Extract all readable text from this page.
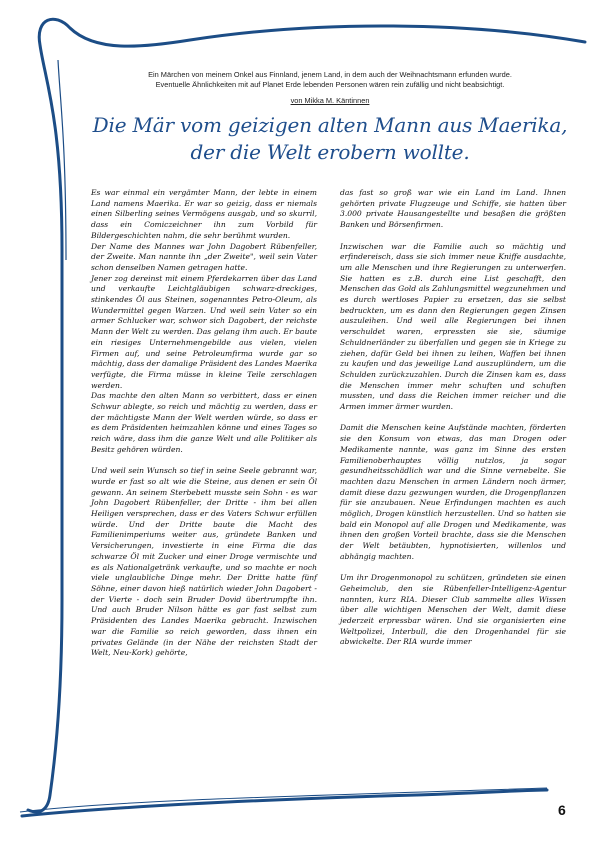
Ein Märchen von meinem Onkel aus Finnland, jenem Land, in dem auch der Weihnachtsmann erfunden wurde.
Eventuelle Ähnlichkeiten mit auf Planet Erde lebenden Personen wären rein zufällig und nicht beabsichtigt.
von Mikka M. Käntinnen
Die Mär vom geizigen alten Mann aus Maerika,
der die Welt erobern wollte.

Es war einmal ein vergämter Mann, der lebte in einem Land namens Maerika. Er war so geizig, dass er niemals einen Silberling seines Vermögens ausgab, und so skurril, dass ein Comiczeichner ihn zum Vorbild für Bildergeschichten nahm, die sehr berühmt wurden.

Der Name des Mannes war John Dagobert Rübenfeller, der Zweite. Man nannte ihn „der Zweite", weil sein Vater schon denselben Namen getragen hatte.

Jener zog dereinst mit einem Pferdekarren über das Land und verkaufte Leichtgläubigen schwarz-dreckiges, stinkendes Öl aus Steinen, sogenanntes Petro-Oleum, als Wundermittel gegen Warzen. Und weil sein Vater so ein armer Schlucker war, schwor sich Dagobert, der reichste Mann der Welt zu werden. Das gelang ihm auch. Er baute ein riesiges Unternehmengebilde aus vielen, vielen Firmen auf, und seine Petroleumfirma wurde gar so mächtig, dass der damalige Präsident des Landes Maerika verfügte, die Firma müsse in kleine Teile zerschlagen werden.

Das machte den alten Mann so verbittert, dass er einen Schwur ablegte, so reich und mächtig zu werden, dass er der mächtigste Mann der Welt werden würde, so dass er es dem Präsidenten heimzahlen könne und eines Tages so reich wäre, dass ihm die ganze Welt und alle Politiker als Besitz gehören würden.

Und weil sein Wunsch so tief in seine Seele gebrannt war, wurde er fast so alt wie die Steine, aus denen er sein Öl gewann. An seinem Sterbebett musste sein Sohn - es war John Dagobert Rübenfeller, der Dritte - ihm bei allen Heiligen versprechen, dass er des Vaters Schwur erfüllen würde. Und der Dritte baute die Macht des Familienimperiums weiter aus, gründete Banken und Versicherungen, investierte in eine Firma die das schwarze Öl mit Zucker und einer Droge vermischte und es als Nationalgetränk verkaufte, und so machte er noch viele unglaubliche Dinge mehr. Der Dritte hatte fünf Söhne, einer davon hieß natürlich wieder John Dagobert - der Vierte - doch sein Bruder Dovid übertrumpfte ihn. Und auch Bruder Nilson hätte es gar fast selbst zum Präsidenten des Landes Maerika gebracht. Inzwischen war die Familie so reich geworden, dass ihnen ein privates Gelände (in der Nähe der reichsten Stadt der Welt, Neu-Kork) gehörte,

das fast so groß war wie ein Land im Land. Ihnen gehörten private Flugzeuge und Schiffe, sie hatten über 3.000 private Hausangestellte und besaßen die größten Banken und Börsenfirmen.

Inzwischen war die Familie auch so mächtig und erfindereisch, dass sie sich immer neue Kniffe ausdachte, um alle Menschen und ihre Regierungen zu unterwerfen. Sie hatten es z.B. durch eine List geschafft, den Menschen das Gold als Zahlungsmittel wegzunehmen und es durch wertloses Papier zu ersetzen, das sie selbst bedruckten, um es dann den Regierungen gegen Zinsen auszuleihen. Und weil alle Regierungen bei ihnen verschuldet waren, erpressten sie sie, säumige Schuldnerländer zu überfallen und gegen sie in Kriege zu ziehen, dafür Geld bei ihnen zu leihen, Waffen bei ihnen zu kaufen und das jeweilige Land auszuplündern, um die Schulden zurückzuzahlen. Durch die Zinsen kam es, dass die Menschen immer mehr schuften und schuften mussten, und dass die Reichen immer reicher und die Armen immer ärmer wurden.

Damit die Menschen keine Aufstände machten, förderten sie den Konsum von etwas, das man Drogen oder Medikamente nannte, was ganz im Sinne des ersten Familienoberhauptes völlig nutzlos, ja sogar gesundheitsschädlich war und die Sinne vernebelte. Sie machten dazu Menschen in armen Ländern noch ärmer, damit diese dazu gezwungen wurden, die Drogenpflanzen für sie anzubauen. Neue Erfindungen machten es auch möglich, Drogen künstlich herzustellen. Und so hatten sie bald ein Monopol auf alle Drogen und Medikamente, was ihnen den großen Vorteil brachte, dass sie die Menschen der Welt betäubten, hypnotisierten, willenlos und abhängig machten.

Um ihr Drogenmonopol zu schützen, gründeten sie einen Geheimclub, den sie Rübenfeller-Intelligenz-Agentur nannten, kurz RIA. Dieser Club sammelte alles Wissen über alle wichtigen Menschen der Welt, damit diese jederzeit erpressbar wären. Und sie organisierten eine Weltpolizei, Interbull, die den Drogenhandel für sie abwickelte. Der RIA wurde immer

6
